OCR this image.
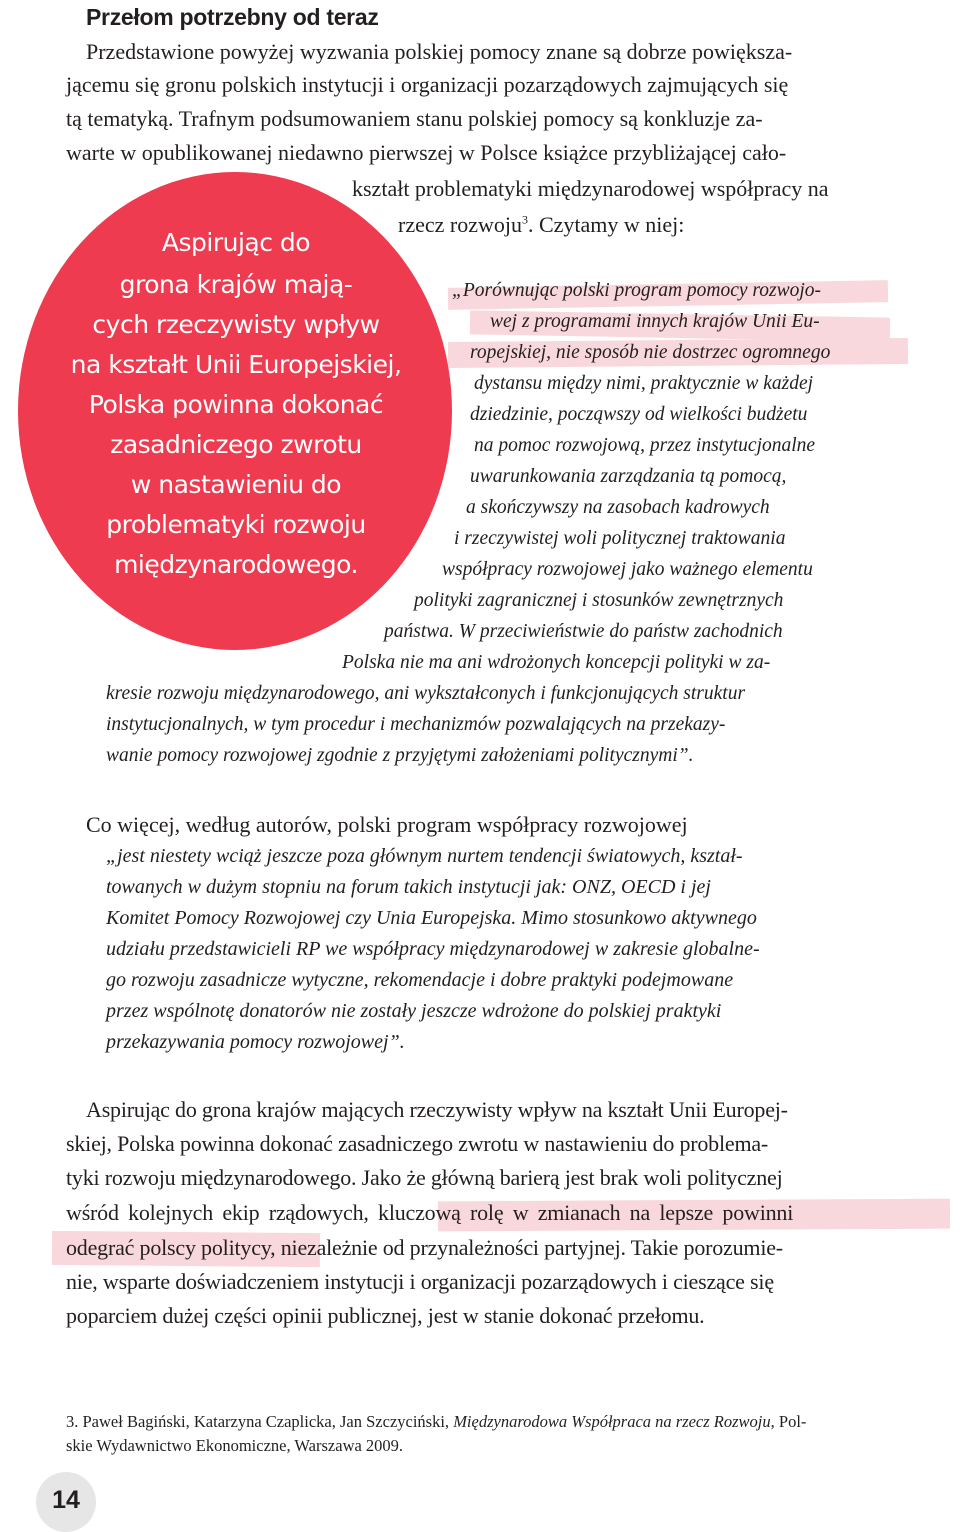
Przełom potrzebny od teraz
Przedstawione powyżej wyzwania polskiej pomocy znane są dobrze powiększa-
jącemu się gronu polskich instytucji i organizacji pozarządowych zajmujących się
tą tematyką. Trafnym podsumowaniem stanu polskiej pomocy są konkluzje za-
warte w opublikowanej niedawno pierwszej w Polsce książce przybliżającej cało-
kształt problematyki międzynarodowej współpracy na
rzecz rozwoju$^3$. Czytamy w niej:
Aspirując do
grona krajów mają-
cych rzeczywisty wpływ
na kształt Unii Europejskiej,
Polska powinna dokonać
zasadniczego zwrotu
w nastawieniu do
problematyki rozwoju
międzynarodowego.
„Porównując polski program pomocy rozwojo-
wej z programami innych krajów Unii Eu-
ropejskiej, nie sposób nie dostrzec ogromnego
dystansu między nimi, praktycznie w każdej
dziedzinie, począwszy od wielkości budżetu
na pomoc rozwojową, przez instytucjonalne
uwarunkowania zarządzania tą pomocą,
a skończywszy na zasobach kadrowych
i rzeczywistej woli politycznej traktowania
współpracy rozwojowej jako ważnego elementu
polityki zagranicznej i stosunków zewnętrznych
państwa. W przeciwieństwie do państw zachodnich
Polska nie ma ani wdrożonych koncepcji polityki w za-
kresie rozwoju międzynarodowego, ani wykształconych i funkcjonujących struktur
instytucjonalnych, w tym procedur i mechanizmów pozwalających na przekazy-
wanie pomocy rozwojowej zgodnie z przyjętymi założeniami politycznymi”.
Co więcej, według autorów, polski program współpracy rozwojowej
„jest niestety wciąż jeszcze poza głównym nurtem tendencji światowych, kształ-
towanych w dużym stopniu na forum takich instytucji jak: ONZ, OECD i jej
Komitet Pomocy Rozwojowej czy Unia Europejska. Mimo stosunkowo aktywnego
udziału przedstawicieli RP we współpracy międzynarodowej w zakresie globalne-
go rozwoju zasadnicze wytyczne, rekomendacje i dobre praktyki podejmowane
przez wspólnotę donatorów nie zostały jeszcze wdrożone do polskiej praktyki
przekazywania pomocy rozwojowej”.
Aspirując do grona krajów mających rzeczywisty wpływ na kształt Unii Europej-
skiej, Polska powinna dokonać zasadniczego zwrotu w nastawieniu do problema-
tyki rozwoju międzynarodowego. Jako że główną barierą jest brak woli politycznej
wśród kolejnych ekip rządowych, kluczową rolę w zmianach na lepsze powinni
odegrać polscy politycy, niezależnie od przynależności partyjnej. Takie porozumie-
nie, wsparte doświadczeniem instytucji i organizacji pozarządowych i cieszące się
poparciem dużej części opinii publicznej, jest w stanie dokonać przełomu.
3. Paweł Bagiński, Katarzyna Czaplicka, Jan Szczyciński, Międzynarodowa Współpraca na rzecz Rozwoju, Pol-
skie Wydawnictwo Ekonomiczne, Warszawa 2009.
14
